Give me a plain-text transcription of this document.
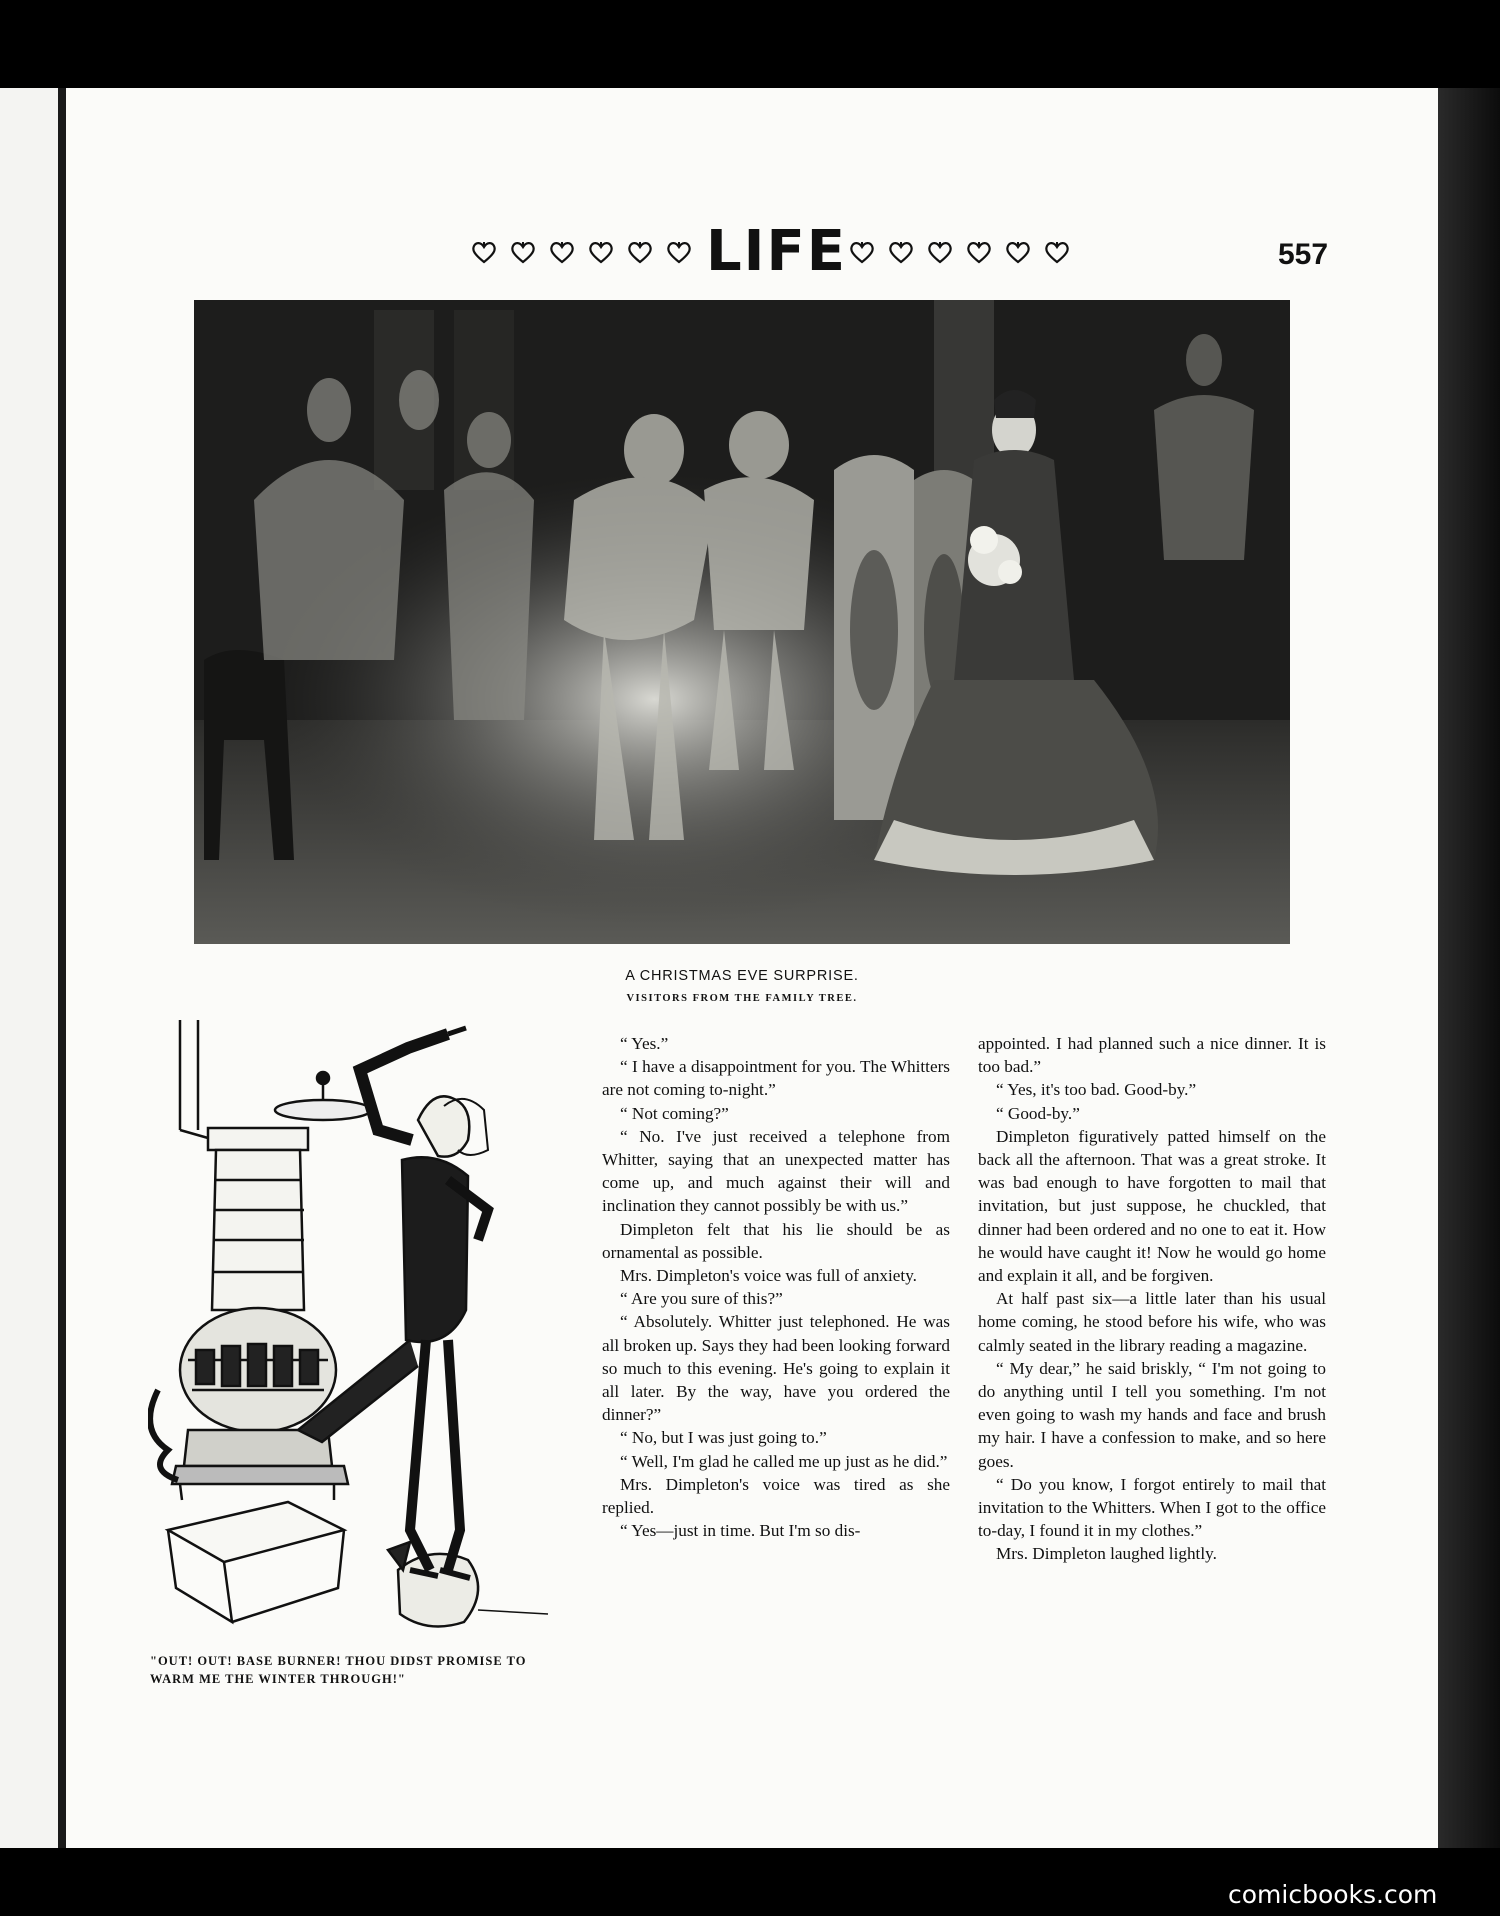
LIFE	557
A CHRISTMAS EVE SURPRISE.
VISITORS FROM THE FAMILY TREE.
"OUT! OUT! BASE BURNER! THOU DIDST PROMISE TO WARM ME THE WINTER THROUGH!"

“ Yes.”

“ I have a disappointment for you. The Whitters are not coming to-night.”

“ Not coming?”

“ No. I've just received a telephone from Whitter, saying that an unexpected matter has come up, and much against their will and inclination they cannot possibly be with us.”

Dimpleton felt that his lie should be as ornamental as possible.

Mrs. Dimpleton's voice was full of anxiety.

“ Are you sure of this?”

“ Absolutely. Whitter just telephoned. He was all broken up. Says they had been looking forward so much to this evening. He's going to explain it all later. By the way, have you ordered the dinner?”

“ No, but I was just going to.”

“ Well, I'm glad he called me up just as he did.”

Mrs. Dimpleton's voice was tired as she replied.

“ Yes—just in time. But I'm so dis-

appointed. I had planned such a nice dinner. It is too bad.”

“ Yes, it's too bad. Good-by.”

“ Good-by.”

Dimpleton figuratively patted himself on the back all the afternoon. That was a great stroke. It was bad enough to have forgotten to mail that invitation, but just suppose, he chuckled, that dinner had been ordered and no one to eat it. How he would have caught it! Now he would go home and explain it all, and be forgiven.

At half past six—a little later than his usual home coming, he stood before his wife, who was calmly seated in the library reading a magazine.

“ My dear,” he said briskly, “ I'm not going to do anything until I tell you something. I'm not even going to wash my hands and face and brush my hair. I have a confession to make, and so here goes.

“ Do you know, I forgot entirely to mail that invitation to the Whitters. When I got to the office to-day, I found it in my clothes.”

Mrs. Dimpleton laughed lightly.

comicbooks.com
